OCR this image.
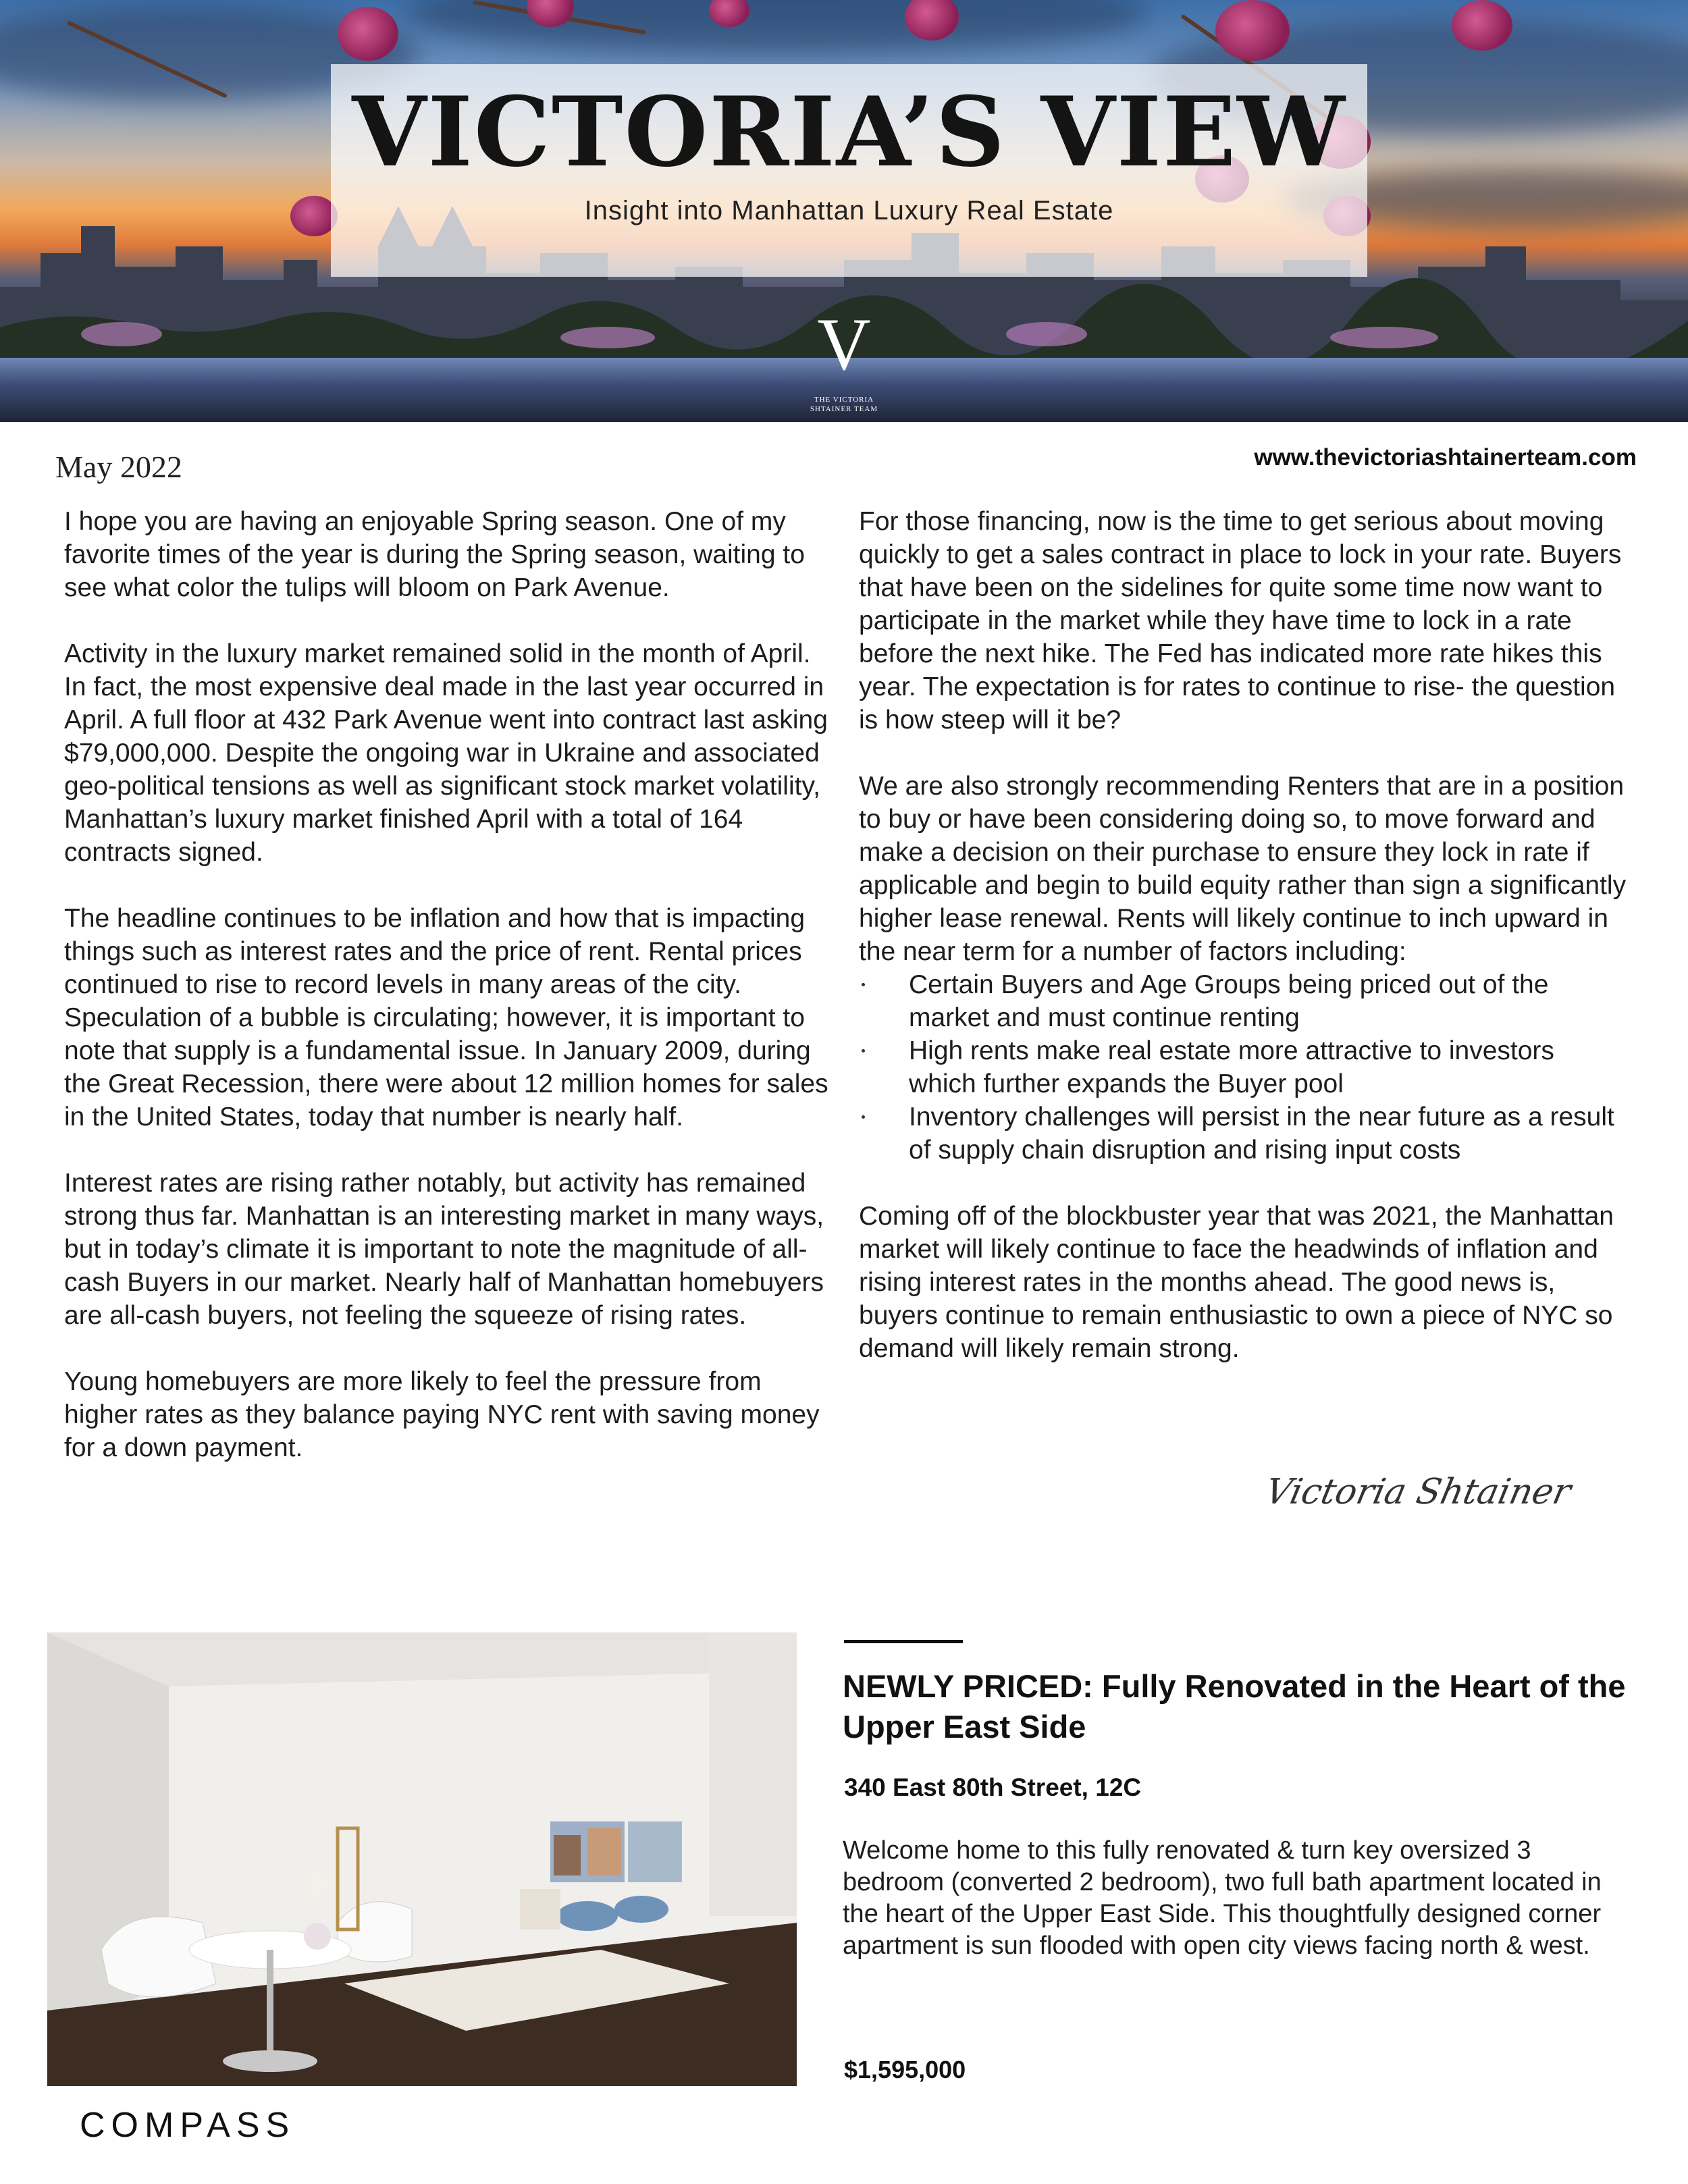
VICTORIA’S VIEW
Insight into Manhattan Luxury Real Estate
V
THE VICTORIA
SHTAINER TEAM
May 2022	www.thevictoriashtainerteam.com

I hope you are having an enjoyable Spring season. One of my favorite times of the year is during the Spring season, waiting to see what color the tulips will bloom on Park Avenue.

Activity in the luxury market remained solid in the month of April. In fact, the most expensive deal made in the last year occurred in April. A full floor at 432 Park Avenue went into contract last asking $79,000,000. Despite the ongoing war in Ukraine and associated geo-political tensions as well as significant stock market volatility, Manhattan’s luxury market finished April with a total of 164 contracts signed.

The headline continues to be inflation and how that is impacting things such as interest rates and the price of rent. Rental prices continued to rise to record levels in many areas of the city. Speculation of a bubble is circulating; however, it is important to note that supply is a fundamental issue. In January 2009, during the Great Recession, there were about 12 million homes for sales in the United States, today that number is nearly half.

Interest rates are rising rather notably, but activity has remained strong thus far. Manhattan is an interesting market in many ways, but in today’s climate it is important to note the magnitude of all-cash Buyers in our market. Nearly half of Manhattan homebuyers are all-cash buyers, not feeling the squeeze of rising rates.

Young homebuyers are more likely to feel the pressure from higher rates as they balance paying NYC rent with saving money for a down payment.

For those financing, now is the time to get serious about moving quickly to get a sales contract in place to lock in your rate. Buyers that have been on the sidelines for quite some time now want to participate in the market while they have time to lock in a rate before the next hike. The Fed has indicated more rate hikes this year. The expectation is for rates to continue to rise- the question is how steep will it be?

We are also strongly recommending Renters that are in a position to buy or have been considering doing so, to move forward and make a decision on their purchase to ensure they lock in rate if applicable and begin to build equity rather than sign a significantly higher lease renewal. Rents will likely continue to inch upward in the near term for a number of factors including:

Certain Buyers and Age Groups being priced out of the market and must continue renting
High rents make real estate more attractive to investors which further expands the Buyer pool
Inventory challenges will persist in the near future as a result of supply chain disruption and rising input costs

Coming off of the blockbuster year that was 2021, the Manhattan market will likely continue to face the headwinds of inflation and rising interest rates in the months ahead. The good news is, buyers continue to remain enthusiastic to own a piece of NYC so demand will likely remain strong.

Victoria Shtainer
COMPASS
NEWLY PRICED: Fully Renovated in the Heart of the Upper East Side
340 East 80th Street, 12C
Welcome home to this fully renovated & turn key oversized 3 bedroom (converted 2 bedroom), two full bath apartment located in the heart of the Upper East Side. This thoughtfully designed corner apartment is sun flooded with open city views facing north & west.
$1,595,000
